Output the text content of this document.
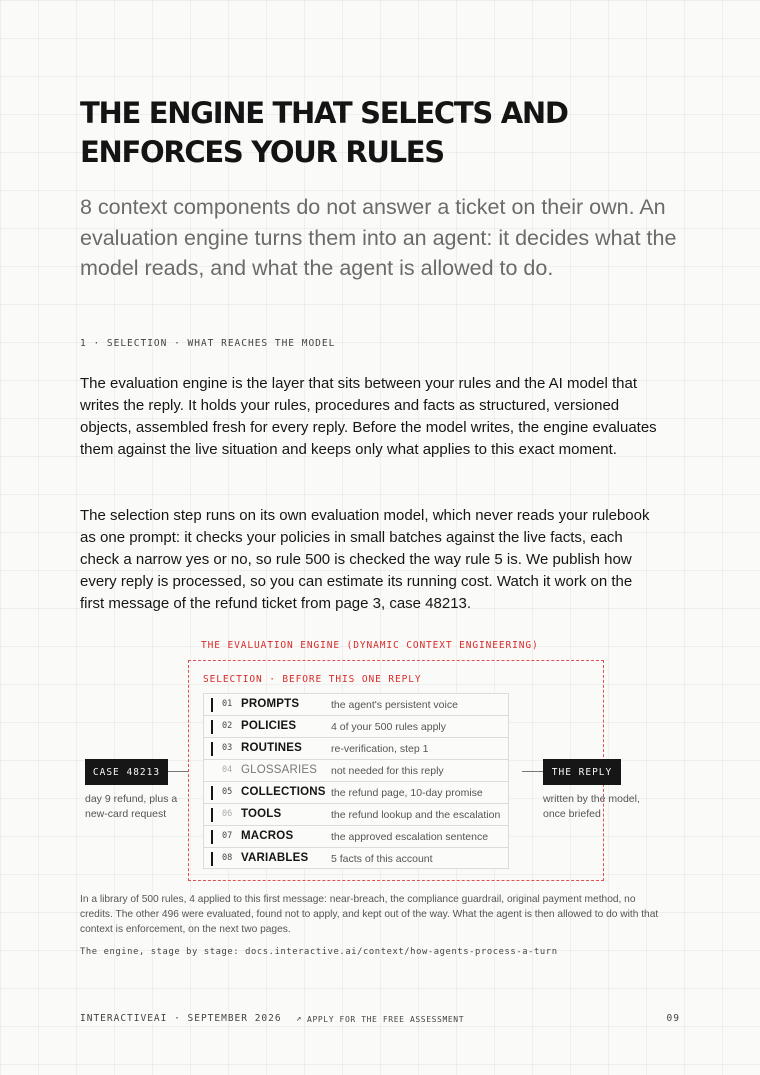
THE ENGINE THAT SELECTS AND
ENFORCES YOUR RULES

8 context components do not answer a ticket on their own. An evaluation engine turns them into an agent: it decides what the model reads, and what the agent is allowed to do.

1 · SELECTION · WHAT REACHES THE MODEL

The evaluation engine is the layer that sits between your rules and the AI model that writes the reply. It holds your rules, procedures and facts as structured, versioned objects, assembled fresh for every reply. Before the model writes, the engine evaluates them against the live situation and keeps only what applies to this exact moment.

The selection step runs on its own evaluation model, which never reads your rulebook as one prompt: it checks your policies in small batches against the live facts, each check a narrow yes or no, so rule 500 is checked the way rule 5 is. We publish how every reply is processed, so you can estimate its running cost. Watch it work on the first message of the refund ticket from page 3, case 48213.

THE EVALUATION ENGINE (DYNAMIC CONTEXT ENGINEERING)
SELECTION · BEFORE THIS ONE REPLY
01 PROMPTS	the agent's persistent voice
02 POLICIES	4 of your 500 rules apply
03 ROUTINES	re-verification, step 1
04 GLOSSARIES not needed for this reply
05 COLLECTIONS the refund page, 10-day promise
06 TOOLS	the refund lookup and the escalation
07 MACROS	the approved escalation sentence
08 VARIABLES 5 facts of this account
CASE 48213
day 9 refund, plus a new-card request
THE REPLY
written by the model, once briefed

In a library of 500 rules, 4 applied to this first message: near-breach, the compliance guardrail, original payment method, no credits. The other 496 were evaluated, found not to apply, and kept out of the way. What the agent is then allowed to do with that context is enforcement, on the next two pages.

The engine, stage by stage: docs.interactive.ai/context/how-agents-process-a-turn
INTERACTIVEAI · SEPTEMBER 2026 ↗ APPLY FOR THE FREE ASSESSMENT	09
